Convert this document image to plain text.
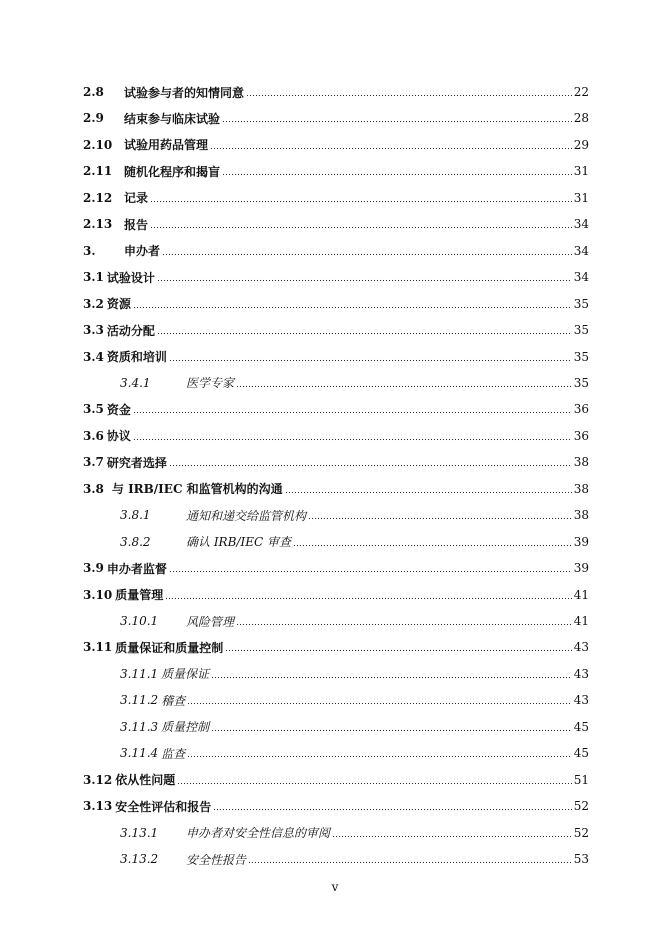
2.8	试验参与者的知情同意	22
2.9	结束参与临床试验	28
2.10 试验用药品管理	29
2.11 随机化程序和揭盲	31
2.12 记录	31
2.13 报告	34
3.	申办者	34
3.1 试验设计	34
3.2 资源	35
3.3 活动分配	35
3.4 资质和培训	35
3.4.1	医学专家	35
3.5 资金	36
3.6 协议	36
3.7 研究者选择	38
3.8 与 IRB/IEC 和监管机构的沟通	38
3.8.1	通知和递交给监管机构	38
3.8.2	确认 IRB/IEC 审查	39
3.9 申办者监督	39
3.10 质量管理	41
3.10.1	风险管理	41
3.11 质量保证和质量控制	43
3.11.1 质量保证	43
3.11.2 稽查	43
3.11.3 质量控制	45
3.11.4 监查	45
3.12 依从性问题	51
3.13 安全性评估和报告	52
3.13.1	申办者对安全性信息的审阅	52
3.13.2	安全性报告	53
v
